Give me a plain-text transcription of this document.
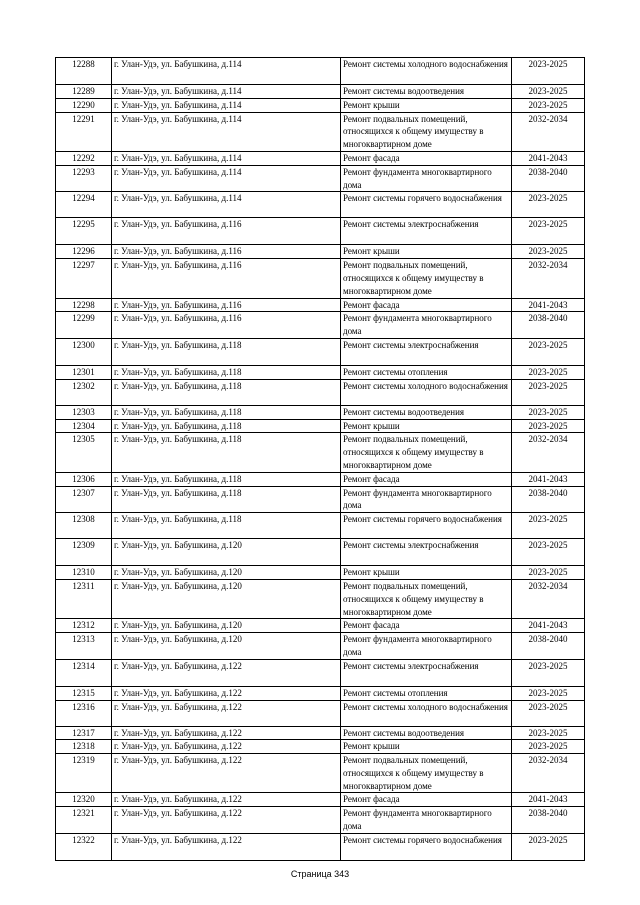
12288	г. Улан-Удэ, ул. Бабушкина, д.114	Ремонт системы холодного водоснабжения	2023-2025
12289	г. Улан-Удэ, ул. Бабушкина, д.114	Ремонт системы водоотведения	2023-2025
12290	г. Улан-Удэ, ул. Бабушкина, д.114	Ремонт крыши	2023-2025
12291	г. Улан-Удэ, ул. Бабушкина, д.114	Ремонт подвальных помещений, относящихся к общему имуществу в многоквартирном доме	2032-2034
12292	г. Улан-Удэ, ул. Бабушкина, д.114	Ремонт фасада	2041-2043
12293	г. Улан-Удэ, ул. Бабушкина, д.114	Ремонт фундамента многоквартирного дома	2038-2040
12294	г. Улан-Удэ, ул. Бабушкина, д.114	Ремонт системы горячего водоснабжения	2023-2025
12295	г. Улан-Удэ, ул. Бабушкина, д.116	Ремонт системы электроснабжения	2023-2025
12296	г. Улан-Удэ, ул. Бабушкина, д.116	Ремонт крыши	2023-2025
12297	г. Улан-Удэ, ул. Бабушкина, д.116	Ремонт подвальных помещений, относящихся к общему имуществу в многоквартирном доме	2032-2034
12298	г. Улан-Удэ, ул. Бабушкина, д.116	Ремонт фасада	2041-2043
12299	г. Улан-Удэ, ул. Бабушкина, д.116	Ремонт фундамента многоквартирного дома	2038-2040
12300	г. Улан-Удэ, ул. Бабушкина, д.118	Ремонт системы электроснабжения	2023-2025
12301	г. Улан-Удэ, ул. Бабушкина, д.118	Ремонт системы отопления	2023-2025
12302	г. Улан-Удэ, ул. Бабушкина, д.118	Ремонт системы холодного водоснабжения	2023-2025
12303	г. Улан-Удэ, ул. Бабушкина, д.118	Ремонт системы водоотведения	2023-2025
12304	г. Улан-Удэ, ул. Бабушкина, д.118	Ремонт крыши	2023-2025
12305	г. Улан-Удэ, ул. Бабушкина, д.118	Ремонт подвальных помещений, относящихся к общему имуществу в многоквартирном доме	2032-2034
12306	г. Улан-Удэ, ул. Бабушкина, д.118	Ремонт фасада	2041-2043
12307	г. Улан-Удэ, ул. Бабушкина, д.118	Ремонт фундамента многоквартирного дома	2038-2040
12308	г. Улан-Удэ, ул. Бабушкина, д.118	Ремонт системы горячего водоснабжения	2023-2025
12309	г. Улан-Удэ, ул. Бабушкина, д.120	Ремонт системы электроснабжения	2023-2025
12310	г. Улан-Удэ, ул. Бабушкина, д.120	Ремонт крыши	2023-2025
12311	г. Улан-Удэ, ул. Бабушкина, д.120	Ремонт подвальных помещений, относящихся к общему имуществу в многоквартирном доме	2032-2034
12312	г. Улан-Удэ, ул. Бабушкина, д.120	Ремонт фасада	2041-2043
12313	г. Улан-Удэ, ул. Бабушкина, д.120	Ремонт фундамента многоквартирного дома	2038-2040
12314	г. Улан-Удэ, ул. Бабушкина, д.122	Ремонт системы электроснабжения	2023-2025
12315	г. Улан-Удэ, ул. Бабушкина, д.122	Ремонт системы отопления	2023-2025
12316	г. Улан-Удэ, ул. Бабушкина, д.122	Ремонт системы холодного водоснабжения	2023-2025
12317	г. Улан-Удэ, ул. Бабушкина, д.122	Ремонт системы водоотведения	2023-2025
12318	г. Улан-Удэ, ул. Бабушкина, д.122	Ремонт крыши	2023-2025
12319	г. Улан-Удэ, ул. Бабушкина, д.122	Ремонт подвальных помещений, относящихся к общему имуществу в многоквартирном доме	2032-2034
12320	г. Улан-Удэ, ул. Бабушкина, д.122	Ремонт фасада	2041-2043
12321	г. Улан-Удэ, ул. Бабушкина, д.122	Ремонт фундамента многоквартирного дома	2038-2040
12322	г. Улан-Удэ, ул. Бабушкина, д.122	Ремонт системы горячего водоснабжения	2023-2025
Страница 343
